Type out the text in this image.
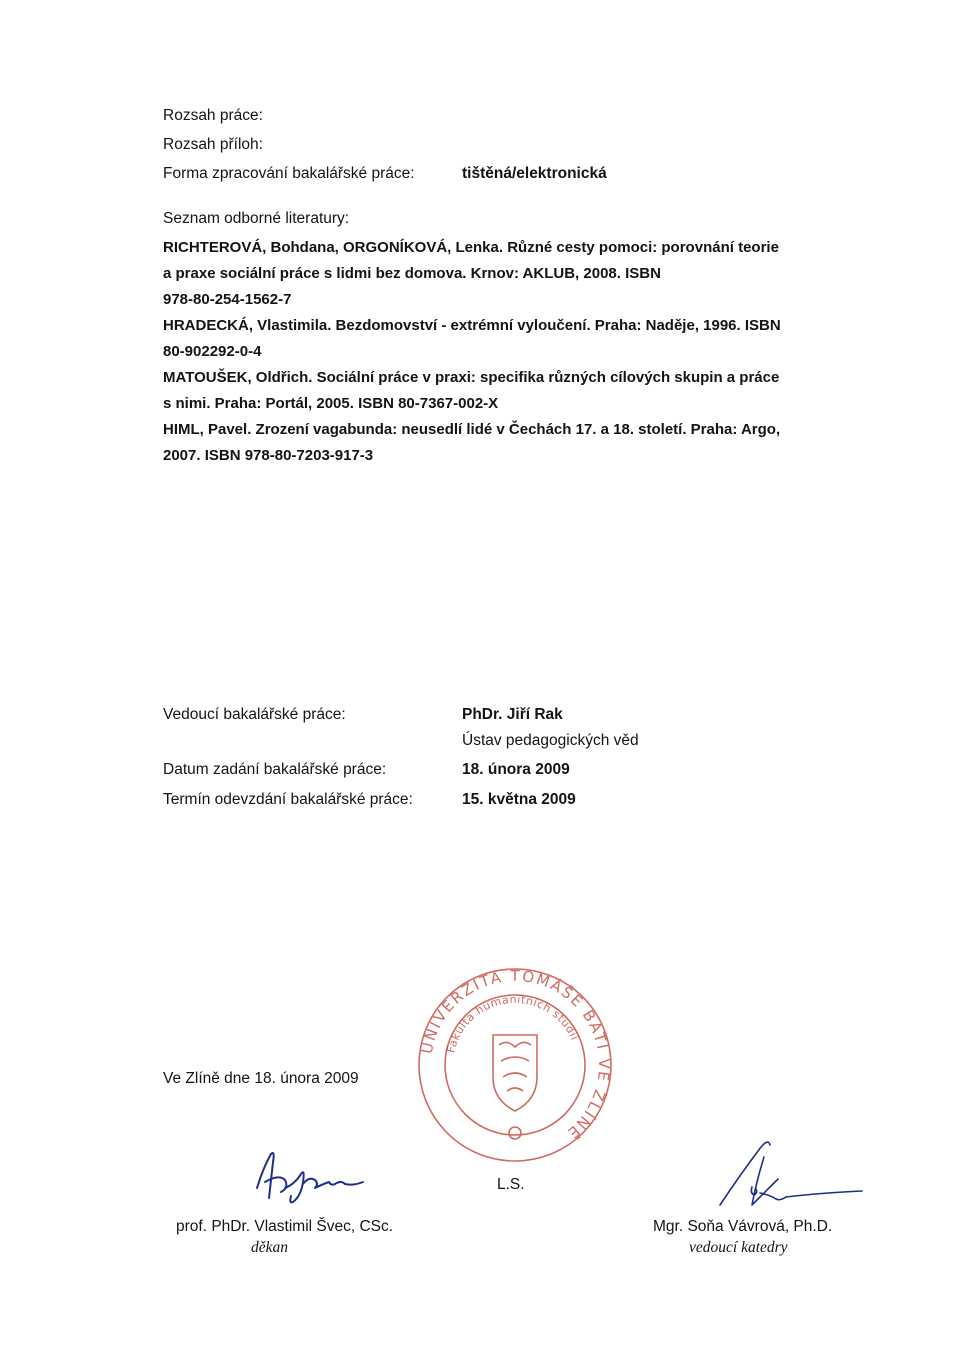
Rozsah práce:
Rozsah příloh:
Forma zpracování bakalářské práce:	tištěná/elektronická
Seznam odborné literatury:
RICHTEROVÁ, Bohdana, ORGONÍKOVÁ, Lenka. Různé cesty pomoci: porovnání teorie
a praxe sociální práce s lidmi bez domova. Krnov: AKLUB, 2008. ISBN
978-80-254-1562-7
HRADECKÁ, Vlastimila. Bezdomovství - extrémní vyloučení. Praha: Naděje, 1996. ISBN
80-902292-0-4
MATOUŠEK, Oldřich. Sociální práce v praxi: specifika různých cílových skupin a práce
s nimi. Praha: Portál, 2005. ISBN 80-7367-002-X
HIML, Pavel. Zrození vagabunda: neusedlí lidé v Čechách 17. a 18. století. Praha: Argo,
2007. ISBN 978-80-7203-917-3
Vedoucí bakalářské práce:	PhDr. Jiří Rak
Ústav pedagogických věd
Datum zadání bakalářské práce:	18. února 2009
Termín odevzdání bakalářské práce:	15. května 2009
Ve Zlíně dne 18. února 2009
UNIVERZITA TOMÁŠE BATI VE ZLÍNĚ
Fakulta humanitních studií
L.S.
prof. PhDr. Vlastimil Švec, CSc.
děkan
Mgr. Soňa Vávrová, Ph.D.
vedoucí katedry
